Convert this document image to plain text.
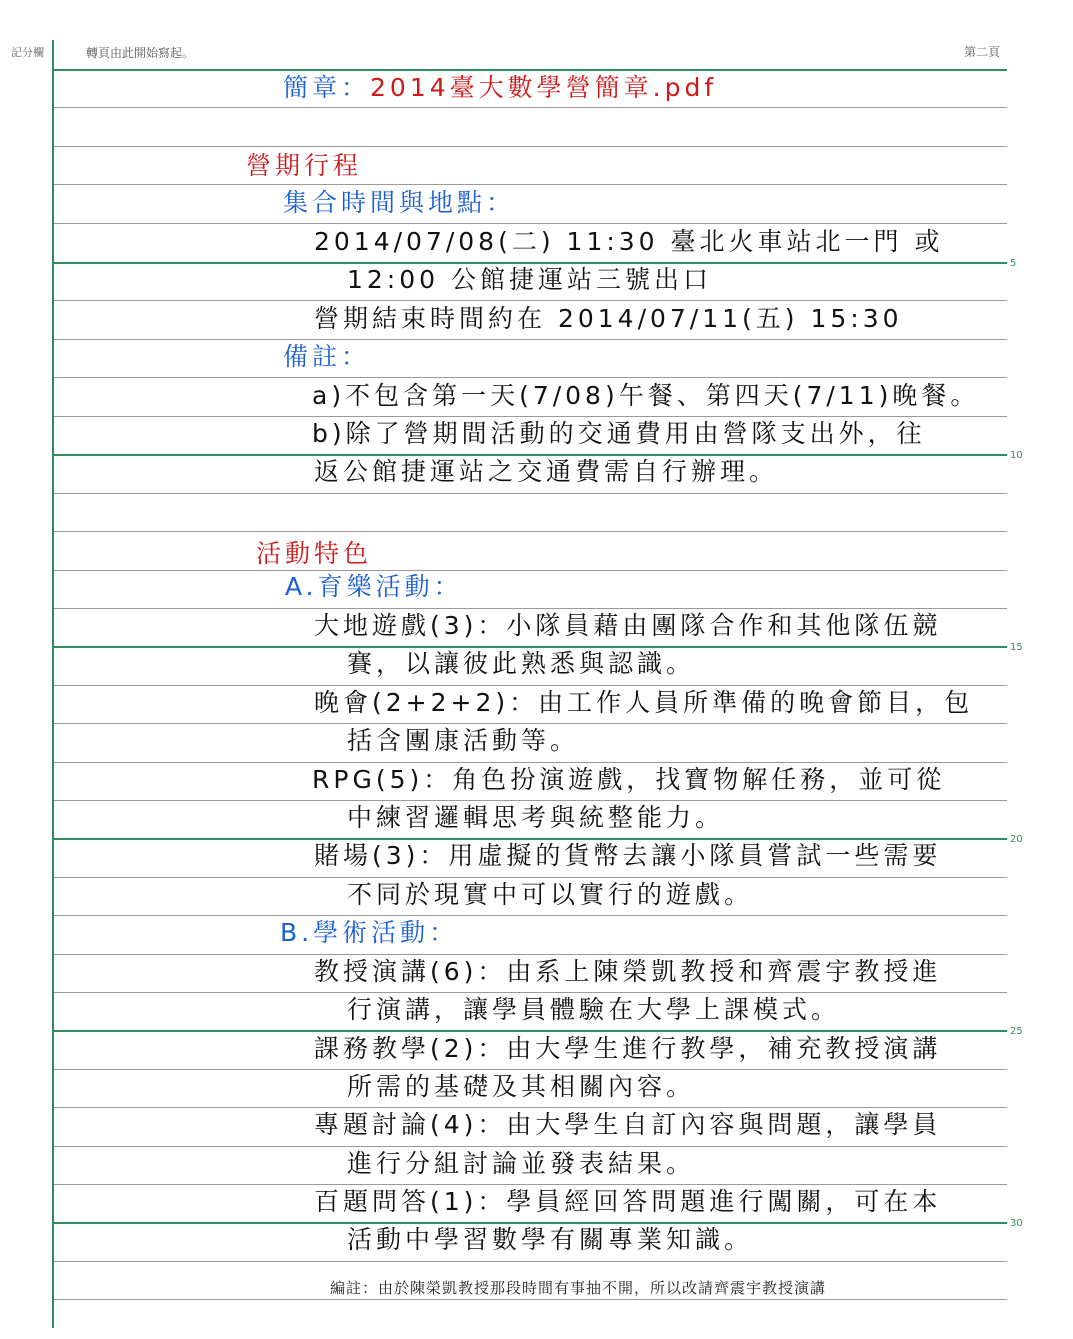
記分欄	轉頁由此開始寫起。	第二頁
5
10
15
20
25
30
簡章：2014臺大數學營簡章.pdf
營期行程
集合時間與地點：
2014/07/08(二) 11:30 臺北火車站北一門 或
12:00 公館捷運站三號出口
營期結束時間約在 2014/07/11(五) 15:30
備註：
a)不包含第一天(7/08)午餐、第四天(7/11)晚餐。
b)除了營期間活動的交通費用由營隊支出外，往
返公館捷運站之交通費需自行辦理。
活動特色
A.育樂活動：
大地遊戲(3)：小隊員藉由團隊合作和其他隊伍競
賽，以讓彼此熟悉與認識。
晚會(2+2+2)：由工作人員所準備的晚會節目，包
括含團康活動等。
RPG(5)：角色扮演遊戲，找寶物解任務，並可從
中練習邏輯思考與統整能力。
賭場(3)：用虛擬的貨幣去讓小隊員嘗試一些需要
不同於現實中可以實行的遊戲。
B.學術活動：
教授演講(6)：由系上陳榮凱教授和齊震宇教授進
行演講，讓學員體驗在大學上課模式。
課務教學(2)：由大學生進行教學，補充教授演講
所需的基礎及其相關內容。
專題討論(4)：由大學生自訂內容與問題，讓學員
進行分組討論並發表結果。
百題問答(1)：學員經回答問題進行闖關，可在本
活動中學習數學有關專業知識。
編註：由於陳榮凱教授那段時間有事抽不開，所以改請齊震宇教授演講
